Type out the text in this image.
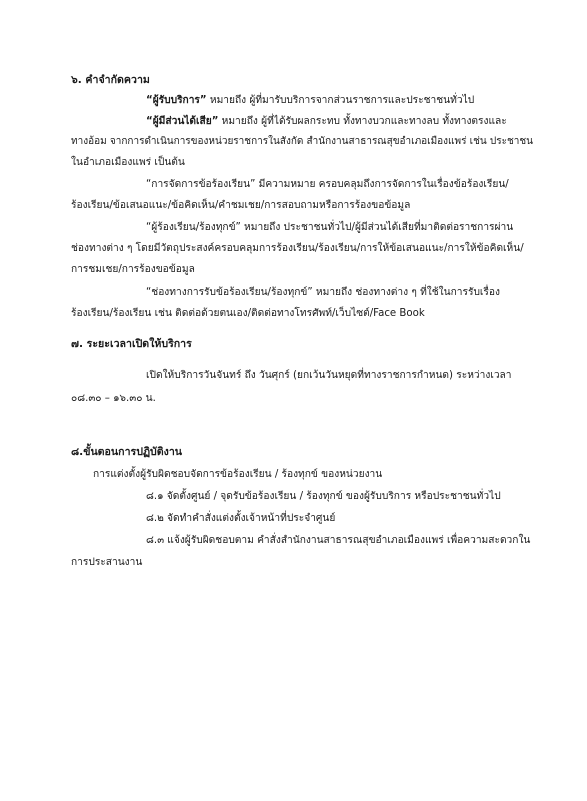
๖. คำจำกัดความ
“ผู้รับบริการ” หมายถึง ผู้ที่มารับบริการจากส่วนราชการและประชาชนทั่วไป
“ผู้มีส่วนได้เสีย” หมายถึง ผู้ที่ได้รับผลกระทบ ทั้งทางบวกและทางลบ ทั้งทางตรงและ
ทางอ้อม จากการดำเนินการของหน่วยราชการในสังกัด สำนักงานสาธารณสุขอำเภอเมืองแพร่ เช่น ประชาชน
ในอำเภอเมืองแพร่ เป็นต้น
“การจัดการข้อร้องเรียน” มีความหมาย ครอบคลุมถึงการจัดการในเรื่องข้อร้องเรียน/
ร้องเรียน/ข้อเสนอแนะ/ข้อคิดเห็น/คำชมเชย/การสอบถามหรือการร้องขอข้อมูล
“ผู้ร้องเรียน/ร้องทุกข์” หมายถึง ประชาชนทั่วไป/ผู้มีส่วนได้เสียที่มาติดต่อราชการผ่าน
ช่องทางต่าง ๆ โดยมีวัตถุประสงค์ครอบคลุมการร้องเรียน/ร้องเรียน/การให้ข้อเสนอแนะ/การให้ข้อคิดเห็น/
การชมเชย/การร้องขอข้อมูล
“ช่องทางการรับข้อร้องเรียน/ร้องทุกข์” หมายถึง ช่องทางต่าง ๆ ที่ใช้ในการรับเรื่อง
ร้องเรียน/ร้องเรียน เช่น ติดต่อด้วยตนเอง/ติดต่อทางโทรศัพท์/เว็บไซต์/Face Book
๗. ระยะเวลาเปิดให้บริการ
เปิดให้บริการวันจันทร์ ถึง วันศุกร์ (ยกเว้นวันหยุดที่ทางราชการกำหนด) ระหว่างเวลา
๐๘.๓๐ – ๑๖.๓๐ น.
๘.ขั้นตอนการปฏิบัติงาน
การแต่งตั้งผู้รับผิดชอบจัดการข้อร้องเรียน / ร้องทุกข์ ของหน่วยงาน
๘.๑ จัดตั้งศูนย์ / จุดรับข้อร้องเรียน / ร้องทุกข์ ของผู้รับบริการ หรือประชาชนทั่วไป
๘.๒ จัดทำคำสั่งแต่งตั้งเจ้าหน้าที่ประจำศูนย์
๘.๓ แจ้งผู้รับผิดชอบตาม คำสั่งสำนักงานสาธารณสุขอำเภอเมืองแพร่ เพื่อความสะดวกใน
การประสานงาน
